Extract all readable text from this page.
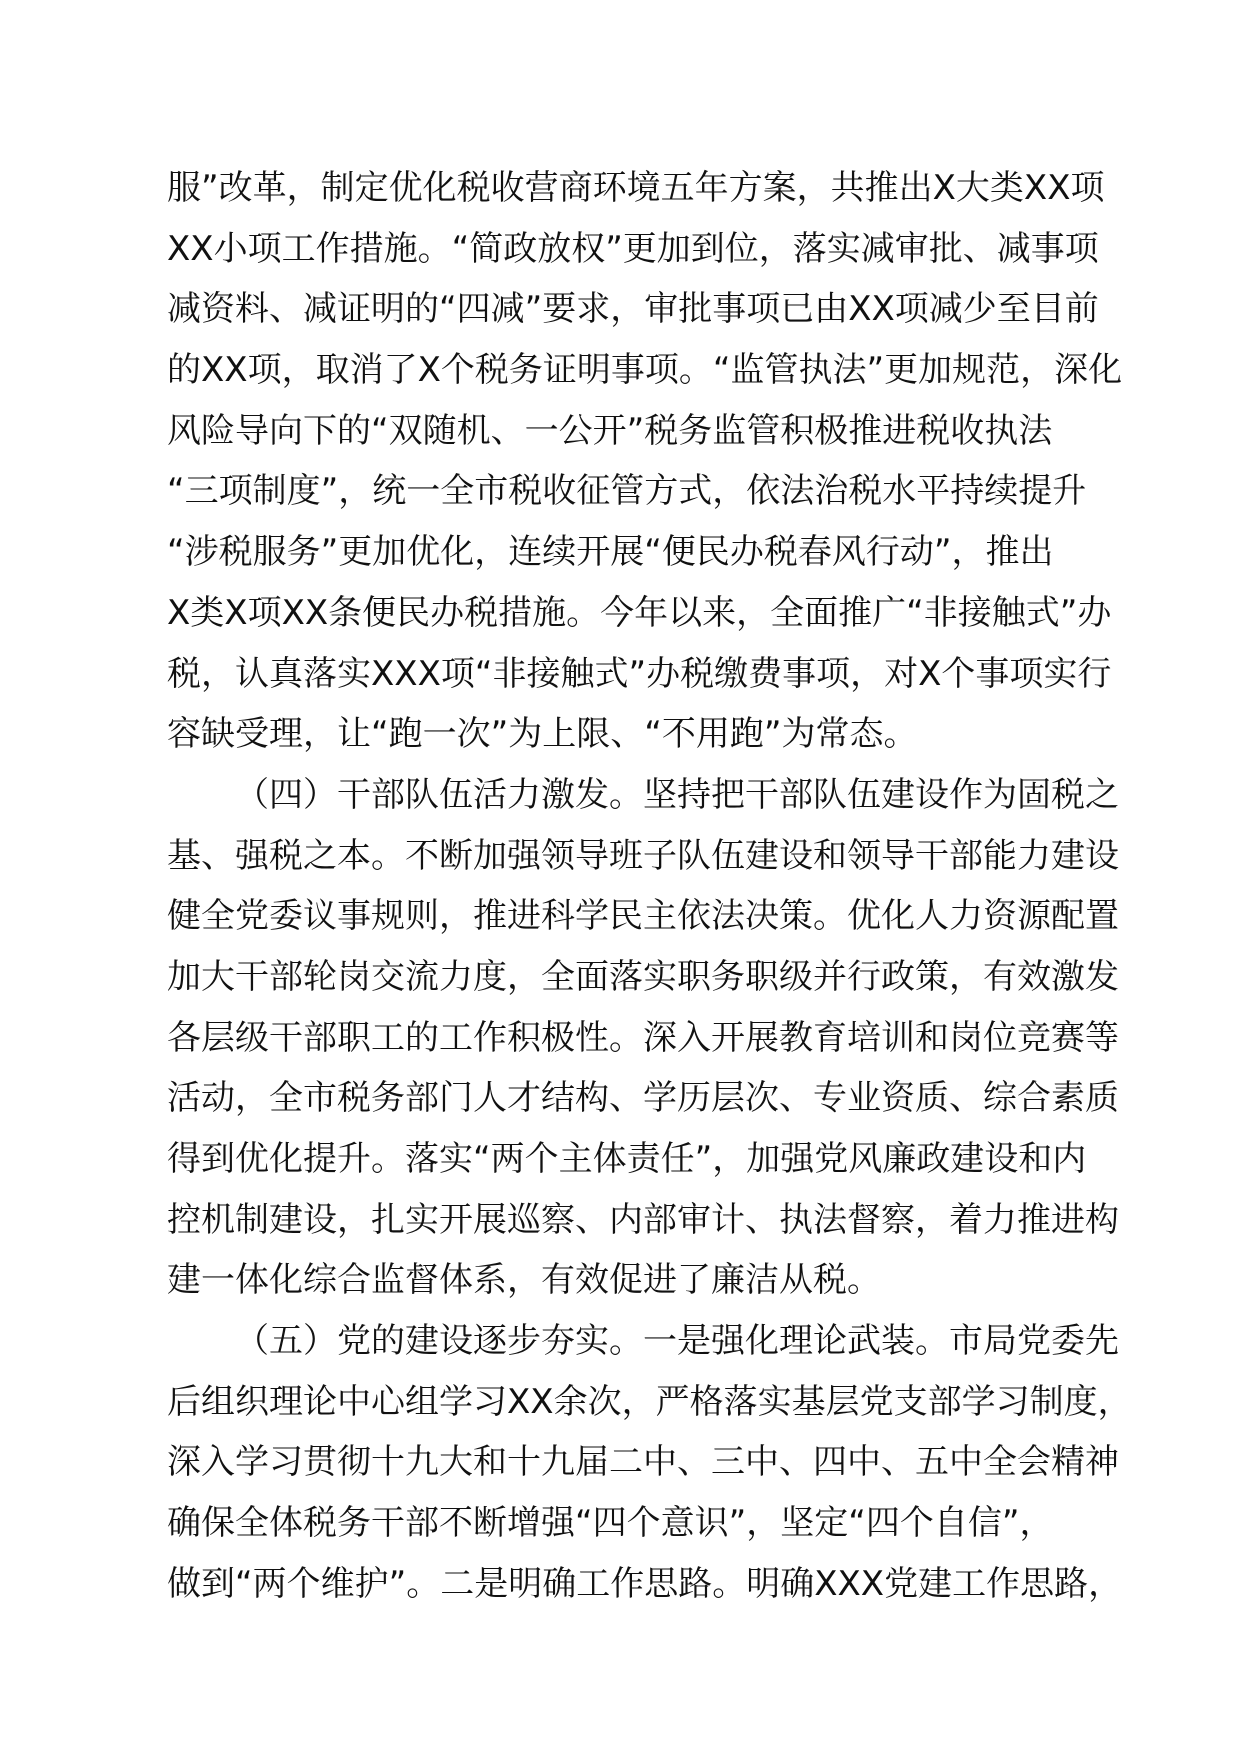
服”改革，制定优化税收营商环境五年方案，共推出X大类XX项
XX小项工作措施。“简政放权”更加到位，落实减审批、减事项
减资料、减证明的“四减”要求，审批事项已由XX项减少至目前
的XX项，取消了X个税务证明事项。“监管执法”更加规范，深化
风险导向下的“双随机、一公开”税务监管积极推进税收执法
“三项制度”，统一全市税收征管方式，依法治税水平持续提升
“涉税服务”更加优化，连续开展“便民办税春风行动”，推出
X类X项XX条便民办税措施。今年以来，全面推广“非接触式”办
税，认真落实XXX项“非接触式”办税缴费事项，对X个事项实行
容缺受理，让“跑一次”为上限、“不用跑”为常态。
（四）干部队伍活力激发。坚持把干部队伍建设作为固税之
基、强税之本。不断加强领导班子队伍建设和领导干部能力建设
健全党委议事规则，推进科学民主依法决策。优化人力资源配置
加大干部轮岗交流力度，全面落实职务职级并行政策，有效激发
各层级干部职工的工作积极性。深入开展教育培训和岗位竞赛等
活动，全市税务部门人才结构、学历层次、专业资质、综合素质
得到优化提升。落实“两个主体责任”，加强党风廉政建设和内
控机制建设，扎实开展巡察、内部审计、执法督察，着力推进构
建一体化综合监督体系，有效促进了廉洁从税。
（五）党的建设逐步夯实。一是强化理论武装。市局党委先
后组织理论中心组学习XX余次，严格落实基层党支部学习制度，
深入学习贯彻十九大和十九届二中、三中、四中、五中全会精神
确保全体税务干部不断增强“四个意识”，坚定“四个自信”，
做到“两个维护”。二是明确工作思路。明确XXX党建工作思路，
